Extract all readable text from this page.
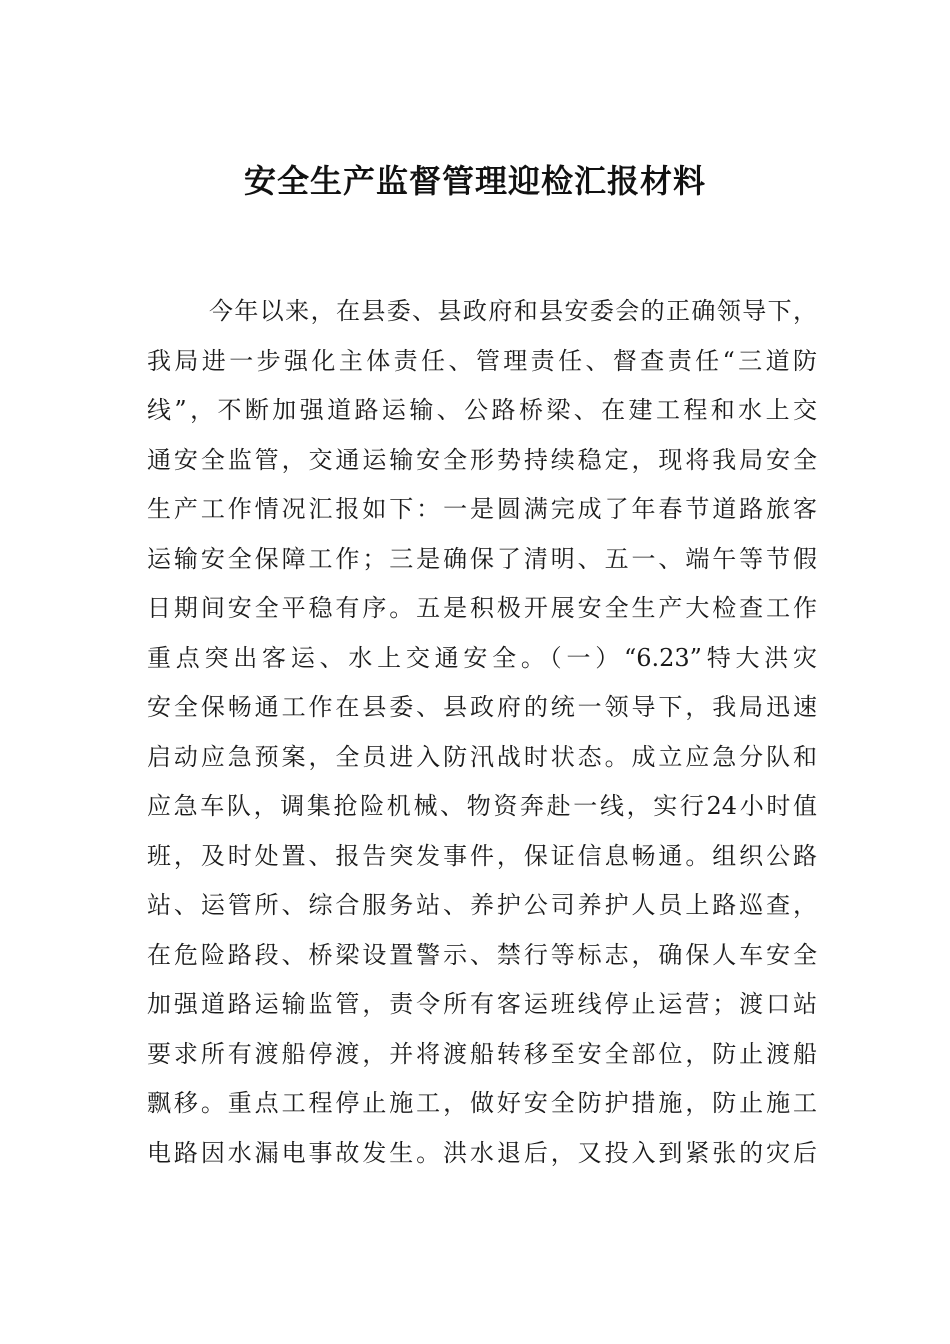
安全生产监督管理迎检汇报材料
今年以来，在县委、县政府和县安委会的正确领导下，
我局进一步强化主体责任、管理责任、督查责任“三道防
线”，不断加强道路运输、公路桥梁、在建工程和水上交
通安全监管，交通运输安全形势持续稳定，现将我局安全
生产工作情况汇报如下：一是圆满完成了年春节道路旅客
运输安全保障工作；三是确保了清明、五一、端午等节假
日期间安全平稳有序。五是积极开展安全生产大检查工作
重点突出客运、水上交通安全。（一）“6.23”特大洪灾
安全保畅通工作在县委、县政府的统一领导下，我局迅速
启动应急预案，全员进入防汛战时状态。成立应急分队和
应急车队，调集抢险机械、物资奔赴一线，实行24小时值
班，及时处置、报告突发事件，保证信息畅通。组织公路
站、运管所、综合服务站、养护公司养护人员上路巡查，
在危险路段、桥梁设置警示、禁行等标志，确保人车安全
加强道路运输监管，责令所有客运班线停止运营；渡口站
要求所有渡船停渡，并将渡船转移至安全部位，防止渡船
飘移。重点工程停止施工，做好安全防护措施，防止施工
电路因水漏电事故发生。洪水退后，又投入到紧张的灾后
